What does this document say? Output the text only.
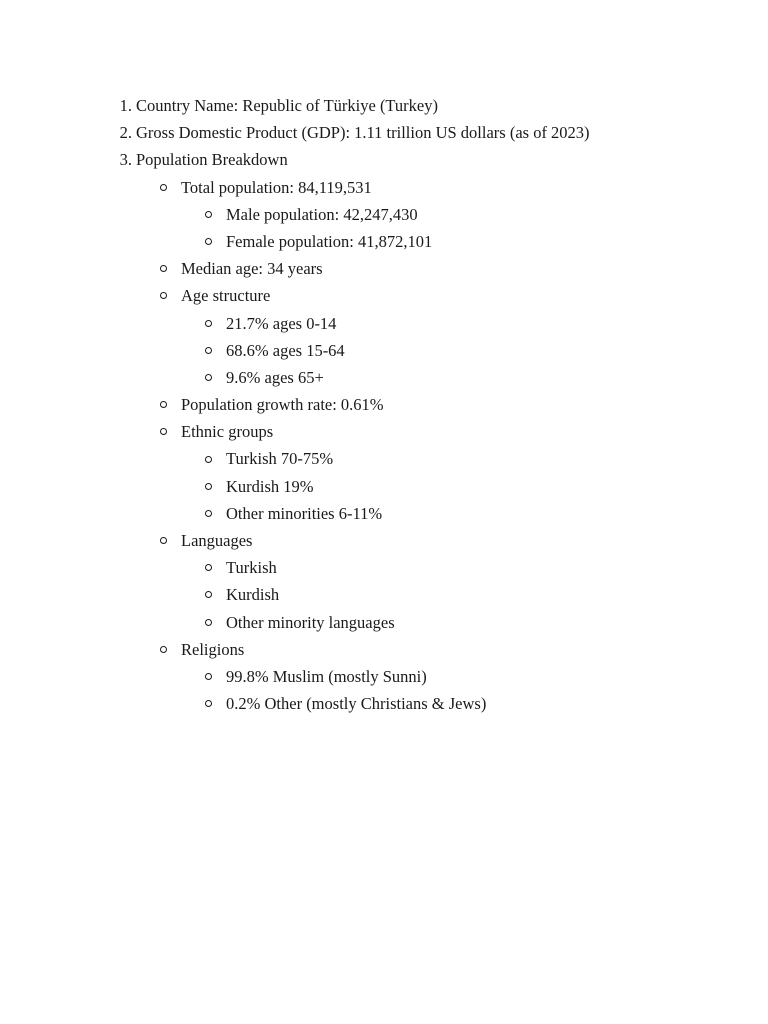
1. Country Name: Republic of Türkiye (Turkey)
2. Gross Domestic Product (GDP): 1.11 trillion US dollars (as of 2023)
3. Population Breakdown
Total population: 84,119,531
Male population: 42,247,430
Female population: 41,872,101
Median age: 34 years
Age structure
21.7% ages 0-14
68.6% ages 15-64
9.6% ages 65+
Population growth rate: 0.61%
Ethnic groups
Turkish 70-75%
Kurdish 19%
Other minorities 6-11%
Languages
Turkish
Kurdish
Other minority languages
Religions
99.8% Muslim (mostly Sunni)
0.2% Other (mostly Christians & Jews)
